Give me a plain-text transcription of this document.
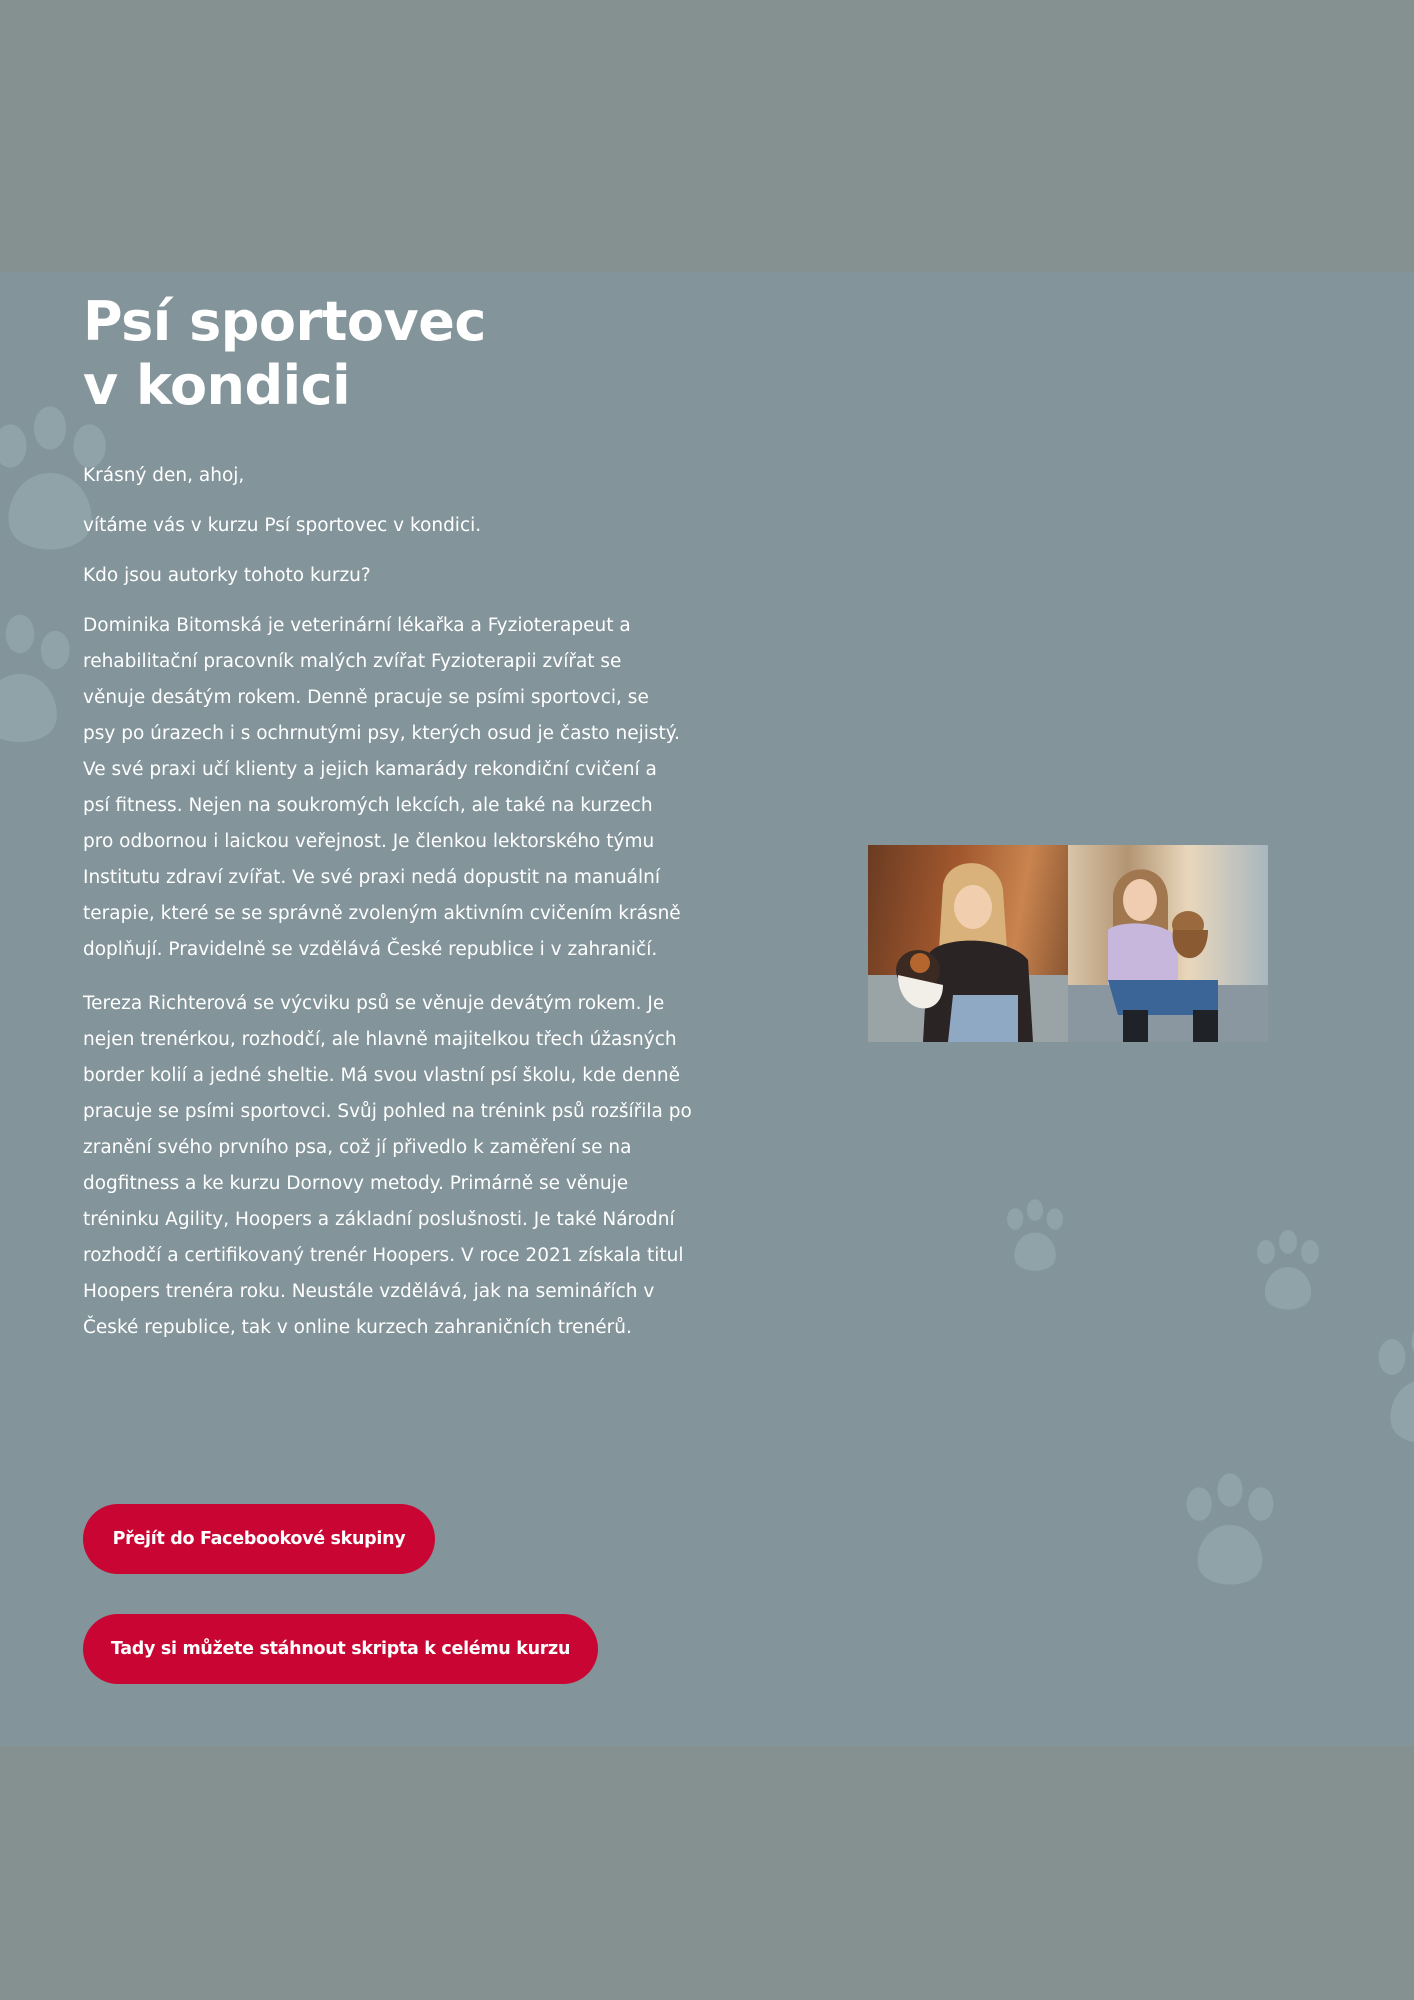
Psí sportovec
v kondici

Krásný den, ahoj,

vítáme vás v kurzu Psí sportovec v kondici.

Kdo jsou autorky tohoto kurzu?

Dominika Bitomská je veterinární lékařka a Fyzioterapeut a rehabilitační pracovník malých zvířat Fyzioterapii zvířat se věnuje desátým rokem. Denně pracuje se psími sportovci, se psy po úrazech i s ochrnutými psy, kterých osud je často nejistý. Ve své praxi učí klienty a jejich kamarády rekondiční cvičení a psí fitness. Nejen na soukromých lekcích, ale také na kurzech pro odbornou i laickou veřejnost. Je členkou lektorského týmu Institutu zdraví zvířat. Ve své praxi nedá dopustit na manuální terapie, které se se správně zvoleným aktivním cvičením krásně doplňují. Pravidelně se vzdělává České republice i v zahraničí.

Tereza Richterová se výcviku psů se věnuje devátým rokem. Je nejen trenérkou, rozhodčí, ale hlavně majitelkou třech úžasných border kolií a jedné sheltie. Má svou vlastní psí školu, kde denně pracuje se psími sportovci. Svůj pohled na trénink psů rozšířila po zranění svého prvního psa, což jí přivedlo k zaměření se na dogfitness a ke kurzu Dornovy metody. Primárně se věnuje tréninku Agility, Hoopers a základní poslušnosti. Je také Národní rozhodčí a certifikovaný trenér Hoopers. V roce 2021 získala titul Hoopers trenéra roku. Neustále vzdělává, jak na seminářích v České republice, tak v online kurzech zahraničních trenérů.

Přejít do Facebookové skupiny
Tady si můžete stáhnout skripta k celému kurzu
